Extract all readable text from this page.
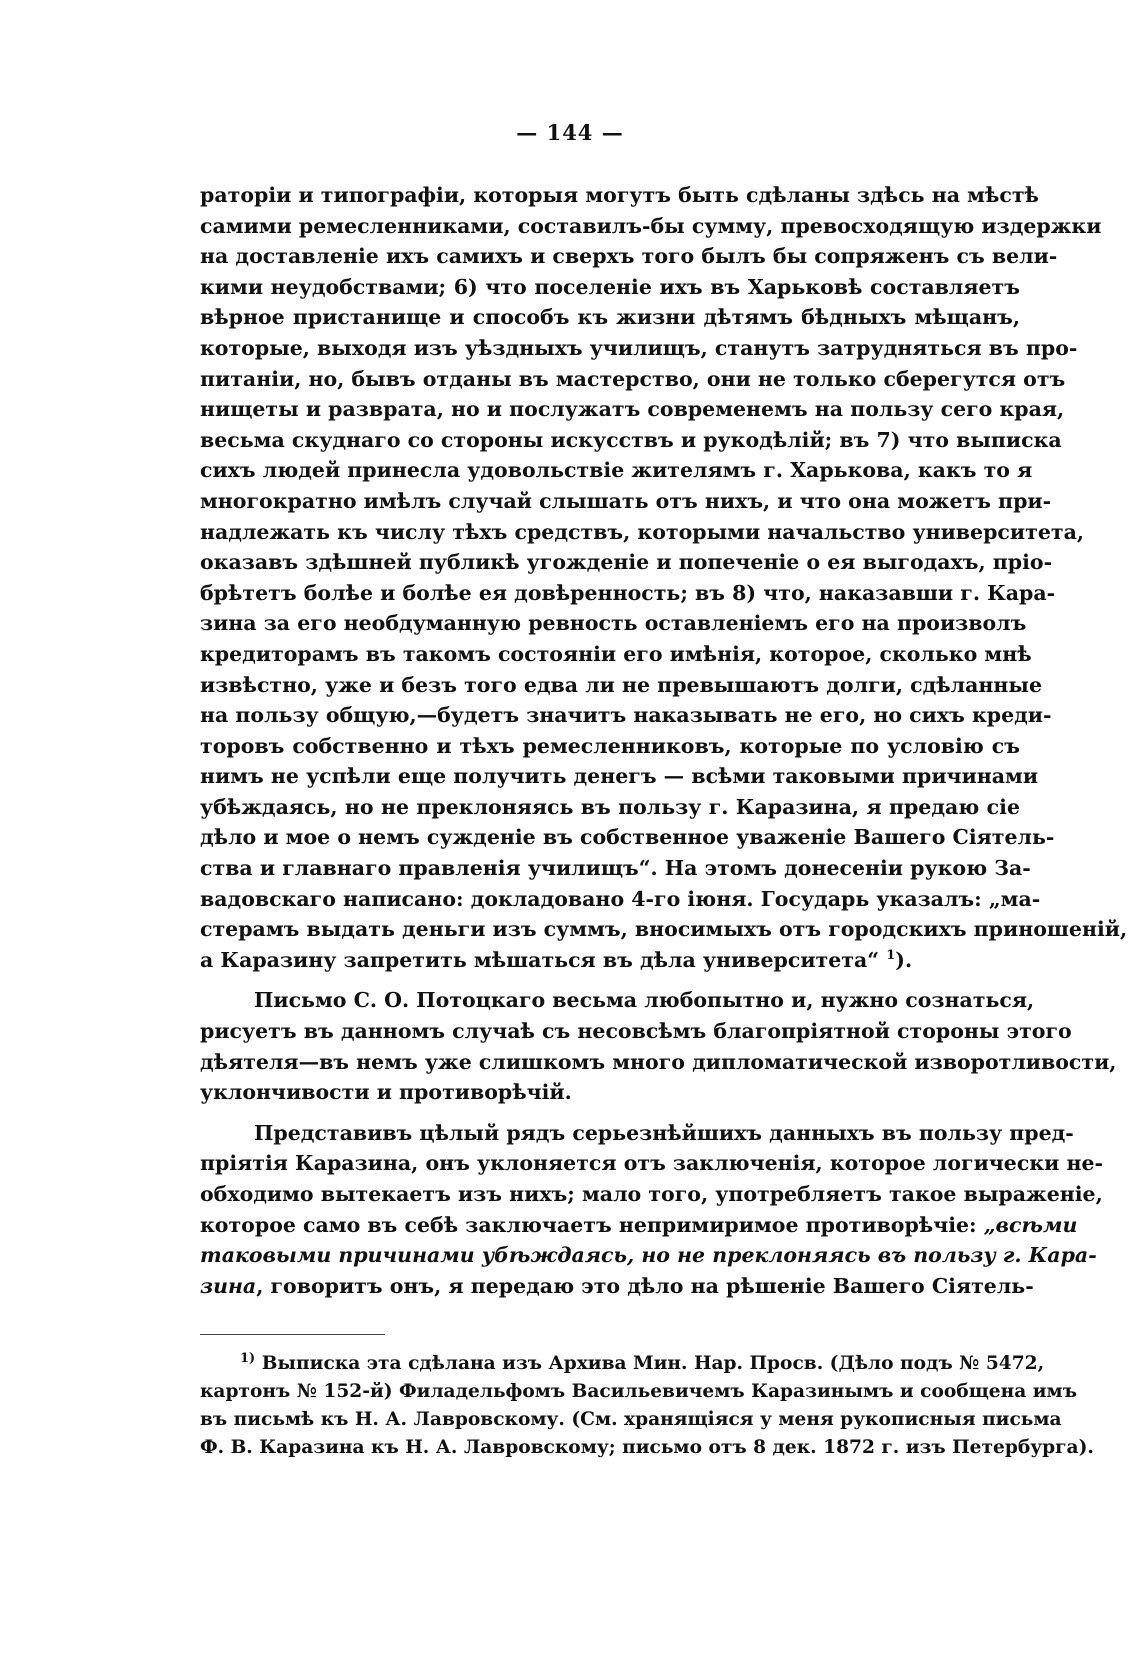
— 144 —
раторіи и типографіи, которыя могутъ быть сдѣланы здѣсь на мѣстѣ
самими ремесленниками, составилъ-бы сумму, превосходящую издержки
на доставленіе ихъ самихъ и сверхъ того былъ бы сопряженъ съ вели-
кими неудобствами; 6) что поселеніе ихъ въ Харьковѣ составляетъ
вѣрное пристанище и способъ къ жизни дѣтямъ бѣдныхъ мѣщанъ,
которые, выходя изъ уѣздныхъ училищъ, станутъ затрудняться въ про-
питаніи, но, бывъ отданы въ мастерство, они не только сберегутся отъ
нищеты и разврата, но и послужатъ современемъ на пользу сего края,
весьма скуднаго со стороны искусствъ и рукодѣлій; въ 7) что выписка
сихъ людей принесла удовольствіе жителямъ г. Харькова, какъ то я
многократно имѣлъ случай слышать отъ нихъ, и что она можетъ при-
надлежать къ числу тѣхъ средствъ, которыми начальство университета,
оказавъ здѣшней публикѣ угожденіе и попеченіе о ея выгодахъ, пріо-
брѣтетъ болѣе и болѣе ея довѣренность; въ 8) что, наказавши г. Кара-
зина за его необдуманную ревность оставленіемъ его на произволъ
кредиторамъ въ такомъ состояніи его имѣнія, которое, сколько мнѣ
извѣстно, уже и безъ того едва ли не превышаютъ долги, сдѣланные
на пользу общую,—будетъ значитъ наказывать не его, но сихъ креди-
торовъ собственно и тѣхъ ремесленниковъ, которые по условію съ
нимъ не успѣли еще получить денегъ — всѣми таковыми причинами
убѣждаясь, но не преклоняясь въ пользу г. Каразина, я предаю сіе
дѣло и мое о немъ сужденіе въ собственное уваженіе Вашего Сіятель-
ства и главнаго правленія училищъ“. На этомъ донесеніи рукою За-
вадовскаго написано: докладовано 4-го іюня. Государь указалъ: „ма-
стерамъ выдать деньги изъ суммъ, вносимыхъ отъ городскихъ приношеній,
а Каразину запретить мѣшаться въ дѣла университета“ $^1$).
Письмо С. О. Потоцкаго весьма любопытно и, нужно сознаться,
рисуетъ въ данномъ случаѣ съ несовсѣмъ благопріятной стороны этого
дѣятеля—въ немъ уже слишкомъ много дипломатической изворотливости,
уклончивости и противорѣчій.
Представивъ цѣлый рядъ серьезнѣйшихъ данныхъ въ пользу пред-
пріятія Каразина, онъ уклоняется отъ заключенія, которое логически не-
обходимо вытекаетъ изъ нихъ; мало того, употребляетъ такое выраженіе,
которое само въ себѣ заключаетъ непримиримое противорѣчіе: „всѣми
таковыми причинами убѣждаясь, но не преклоняясь въ пользу г. Кара-
зина, говоритъ онъ, я передаю это дѣло на рѣшеніе Вашего Сіятель-
$^{1)}$ Выписка эта сдѣлана изъ Архива Мин. Нар. Просв. (Дѣло подъ № 5472,
картонъ № 152-й) Филадельфомъ Васильевичемъ Каразинымъ и сообщена имъ
въ письмѣ къ Н. А. Лавровскому. (См. хранящіяся у меня рукописныя письма
Ф. В. Каразина къ Н. А. Лавровскому; письмо отъ 8 дек. 1872 г. изъ Петербурга).
